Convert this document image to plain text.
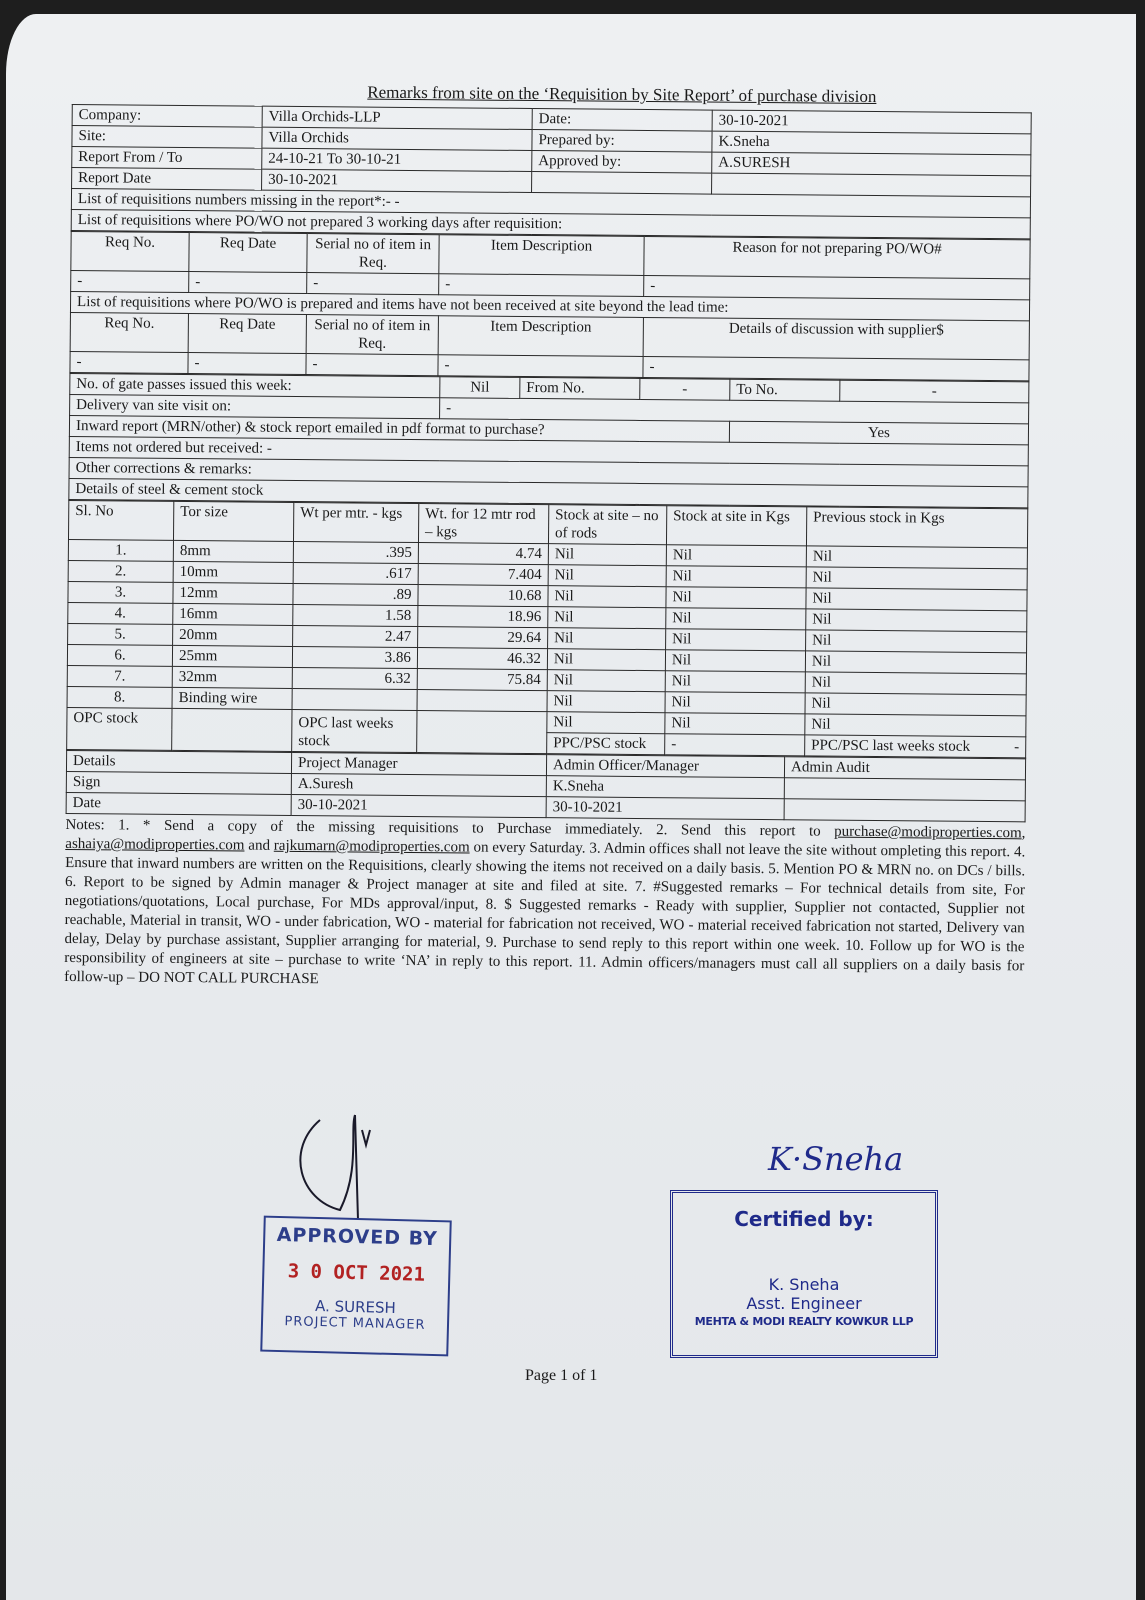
Remarks from site on the ‘Requisition by Site Report’ of purchase division
Company:	Villa Orchids-LLP	Date:	30-10-2021
Site:	Villa Orchids	Prepared by:	K.Sneha
Report From / To	24-10-21 To 30-10-21	Approved by:	A.SURESH
Report Date	30-10-2021		
List of requisitions numbers missing in the report*:- -			
List of requisitions where PO/WO not prepared 3 working days after requisition:			
Req No.	Req Date	Serial no of item in Req.	Item Description	Reason for not preparing PO/WO#
-	-	-	-	-
List of requisitions where PO/WO is prepared and items have not been received at site beyond the lead time:				
Req No.	Req Date	Serial no of item in Req.	Item Description	Details of discussion with supplier$
-	-	-	-	-
No. of gate passes issued this week:	Nil	From No.	-	To No.	-
Delivery van site visit on:	-				
Inward report (MRN/other) & stock report emailed in pdf format to purchase?				Yes	
Items not ordered but received: -					
Other corrections & remarks:					
Details of steel & cement stock					
Sl. No	Tor size	Wt per mtr. - kgs	Wt. for 12 mtr rod – kgs	Stock at site – no of rods	Stock at site in Kgs	Previous stock in Kgs
1.	8mm	.395	4.74	Nil	Nil	Nil
2.	10mm	.617	7.404	Nil	Nil	Nil
3.	12mm	.89	10.68	Nil	Nil	Nil
4.	16mm	1.58	18.96	Nil	Nil	Nil
5.	20mm	2.47	29.64	Nil	Nil	Nil
6.	25mm	3.86	46.32	Nil	Nil	Nil
7.	32mm	6.32	75.84	Nil	Nil	Nil
8.	Binding wire			Nil	Nil	Nil
OPC stock		OPC last weeks stock		Nil	Nil	Nil
				PPC/PSC stock	-	PPC/PSC last weeks stock -
Details	Project Manager	Admin Officer/Manager	Admin Audit
Sign	A.Suresh	K.Sneha	
Date	30-10-2021	30-10-2021	
Notes: 1. * Send a copy of the missing requisitions to Purchase immediately. 2. Send this report to purchase@modiproperties.com, ashaiya@modiproperties.com and rajkumarn@modiproperties.com on every Saturday. 3. Admin offices shall not leave the site without ompleting this report. 4. Ensure that inward numbers are written on the Requisitions, clearly showing the items not received on a daily basis. 5. Mention PO & MRN no. on DCs / bills. 6. Report to be signed by Admin manager & Project manager at site and filed at site. 7. #Suggested remarks – For technical details from site, For negotiations/quotations, Local purchase, For MDs approval/input, 8. $ Suggested remarks - Ready with supplier, Supplier not contacted, Supplier not reachable, Material in transit, WO - under fabrication, WO - material for fabrication not received, WO - material received fabrication not started, Delivery van delay, Delay by purchase assistant, Supplier arranging for material, 9. Purchase to send reply to this report within one week. 10. Follow up for WO is the responsibility of engineers at site – purchase to write ‘NA’ in reply to this report. 11. Admin officers/managers must call all suppliers on a daily basis for follow-up – DO NOT CALL PURCHASE
K·Sneha
APPROVED BY
3 0 OCT 2021
A. SURESH
PROJECT MANAGER
Certified by:
K. Sneha
Asst. Engineer
MEHTA & MODI REALTY KOWKUR LLP
Page 1 of 1
